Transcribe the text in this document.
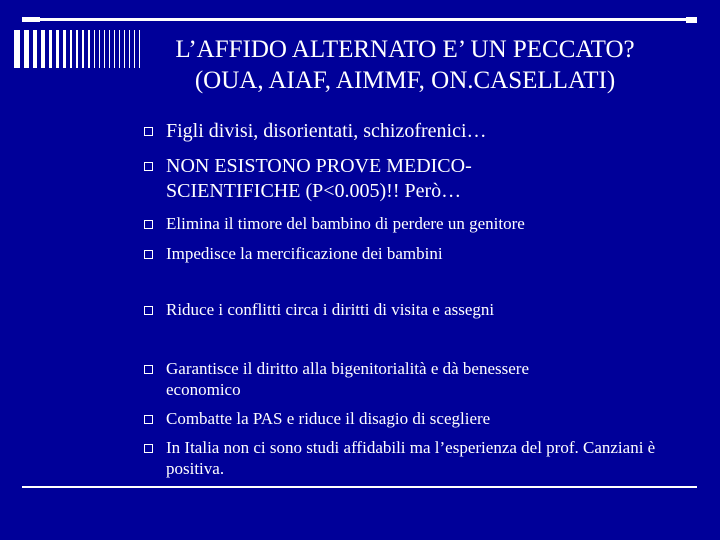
L’AFFIDO ALTERNATO E’ UN PECCATO?
(OUA, AIAF, AIMMF, ON.CASELLATI)
Figli divisi, disorientati, schizofrenici…
NON ESISTONO PROVE MEDICO-SCIENTIFICHE (P<0.005)!! Però…
Elimina il timore del bambino di perdere un genitore
Impedisce la mercificazione dei bambini
Riduce i conflitti circa i diritti di visita e assegni
Garantisce il diritto alla bigenitorialità e dà benessere economico
Combatte la PAS e riduce il disagio di scegliere
In Italia non ci sono studi affidabili ma l’esperienza del prof. Canziani è positiva.
